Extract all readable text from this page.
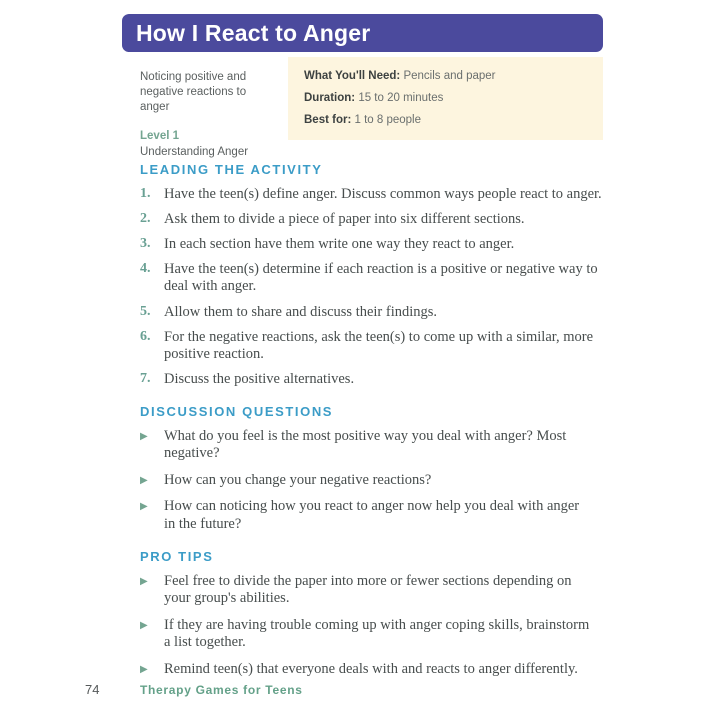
How I React to Anger
Noticing positive and negative reactions to anger
Level 1
Understanding Anger
What You'll Need: Pencils and paper
Duration: 15 to 20 minutes
Best for: 1 to 8 people
LEADING THE ACTIVITY
1. Have the teen(s) define anger. Discuss common ways people react to anger.
2. Ask them to divide a piece of paper into six different sections.
3. In each section have them write one way they react to anger.
4. Have the teen(s) determine if each reaction is a positive or negative way to deal with anger.
5. Allow them to share and discuss their findings.
6. For the negative reactions, ask the teen(s) to come up with a similar, more positive reaction.
7. Discuss the positive alternatives.
DISCUSSION QUESTIONS
▶	What do you feel is the most positive way you deal with anger? Most negative?
▶	How can you change your negative reactions?
▶	How can noticing how you react to anger now help you deal with anger in the future?
PRO TIPS
▶	Feel free to divide the paper into more or fewer sections depending on your group's abilities.
▶	If they are having trouble coming up with anger coping skills, brainstorm a list together.
▶	Remind teen(s) that everyone deals with and reacts to anger differently.
74	Therapy Games for Teens
